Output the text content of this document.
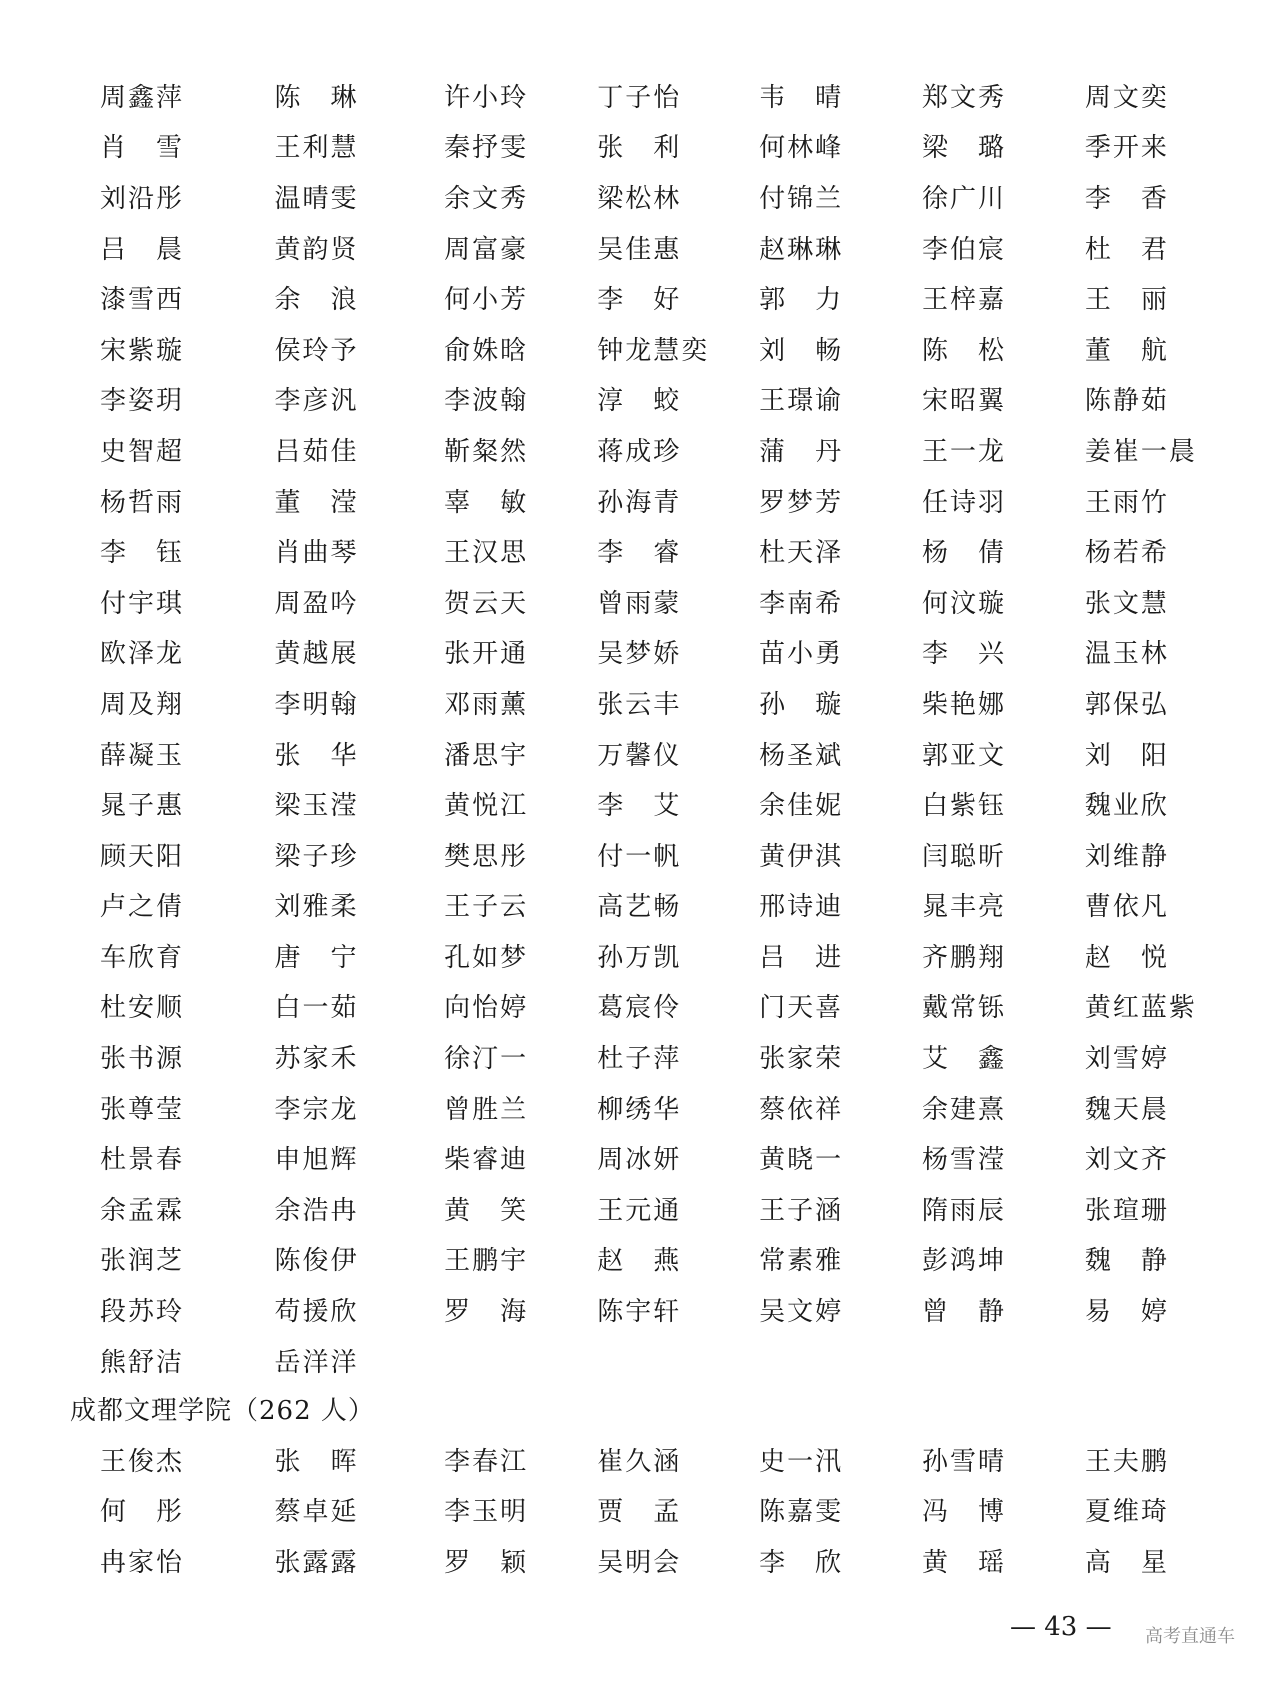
周鑫萍	陈　琳	许小玲	丁子怡	韦　晴	郑文秀	周文奕
肖　雪	王利慧	秦抒雯	张　利	何林峰	梁　璐	季开来
刘沿彤	温晴雯	余文秀	梁松林	付锦兰	徐广川	李　香
吕　晨	黄韵贤	周富豪	吴佳惠	赵琳琳	李伯宸	杜　君
漆雪西	余　浪	何小芳	李　好	郭　力	王梓嘉	王　丽
宋紫璇	侯玲予	俞姝晗	钟龙慧奕	刘　畅	陈　松	董　航
李姿玥	李彦汎	李波翰	淳　蛟	王璟谕	宋昭翼	陈静茹
史智超	吕茹佳	靳粲然	蒋成珍	蒲　丹	王一龙	姜崔一晨
杨哲雨	董　滢	辜　敏	孙海青	罗梦芳	任诗羽	王雨竹
李　钰	肖曲琴	王汉思	李　睿	杜天泽	杨　倩	杨若希
付宇琪	周盈吟	贺云天	曾雨蒙	李南希	何汶璇	张文慧
欧泽龙	黄越展	张开通	吴梦娇	苗小勇	李　兴	温玉林
周及翔	李明翰	邓雨薰	张云丰	孙　璇	柴艳娜	郭保弘
薛凝玉	张　华	潘思宇	万馨仪	杨圣斌	郭亚文	刘　阳
晁子惠	梁玉滢	黄悦江	李　艾	余佳妮	白紫钰	魏业欣
顾天阳	梁子珍	樊思彤	付一帆	黄伊淇	闫聪昕	刘维静
卢之倩	刘雅柔	王子云	高艺畅	邢诗迪	晁丰亮	曹依凡
车欣育	唐　宁	孔如梦	孙万凯	吕　进	齐鹏翔	赵　悦
杜安顺	白一茹	向怡婷	葛宸伶	门天喜	戴常铄	黄红蓝紫
张书源	苏家禾	徐汀一	杜子萍	张家荣	艾　鑫	刘雪婷
张尊莹	李宗龙	曾胜兰	柳绣华	蔡依祥	余建熹	魏天晨
杜景春	申旭辉	柴睿迪	周冰妍	黄晓一	杨雪滢	刘文齐
余孟霖	余浩冉	黄　笑	王元通	王子涵	隋雨辰	张瑄珊
张润芝	陈俊伊	王鹏宇	赵　燕	常素雅	彭鸿坤	魏　静
段苏玲	苟援欣	罗　海	陈宇轩	吴文婷	曾　静	易　婷
熊舒洁	岳洋洋
成都文理学院（262 人）
王俊杰	张　晖	李春江	崔久涵	史一汛	孙雪晴	王夫鹏
何　彤	蔡卓延	李玉明	贾　孟	陈嘉雯	冯　博	夏维琦
冉家怡	张露露	罗　颖	吴明会	李　欣	黄　瑶	高　星
— 43 — 高考直通车
